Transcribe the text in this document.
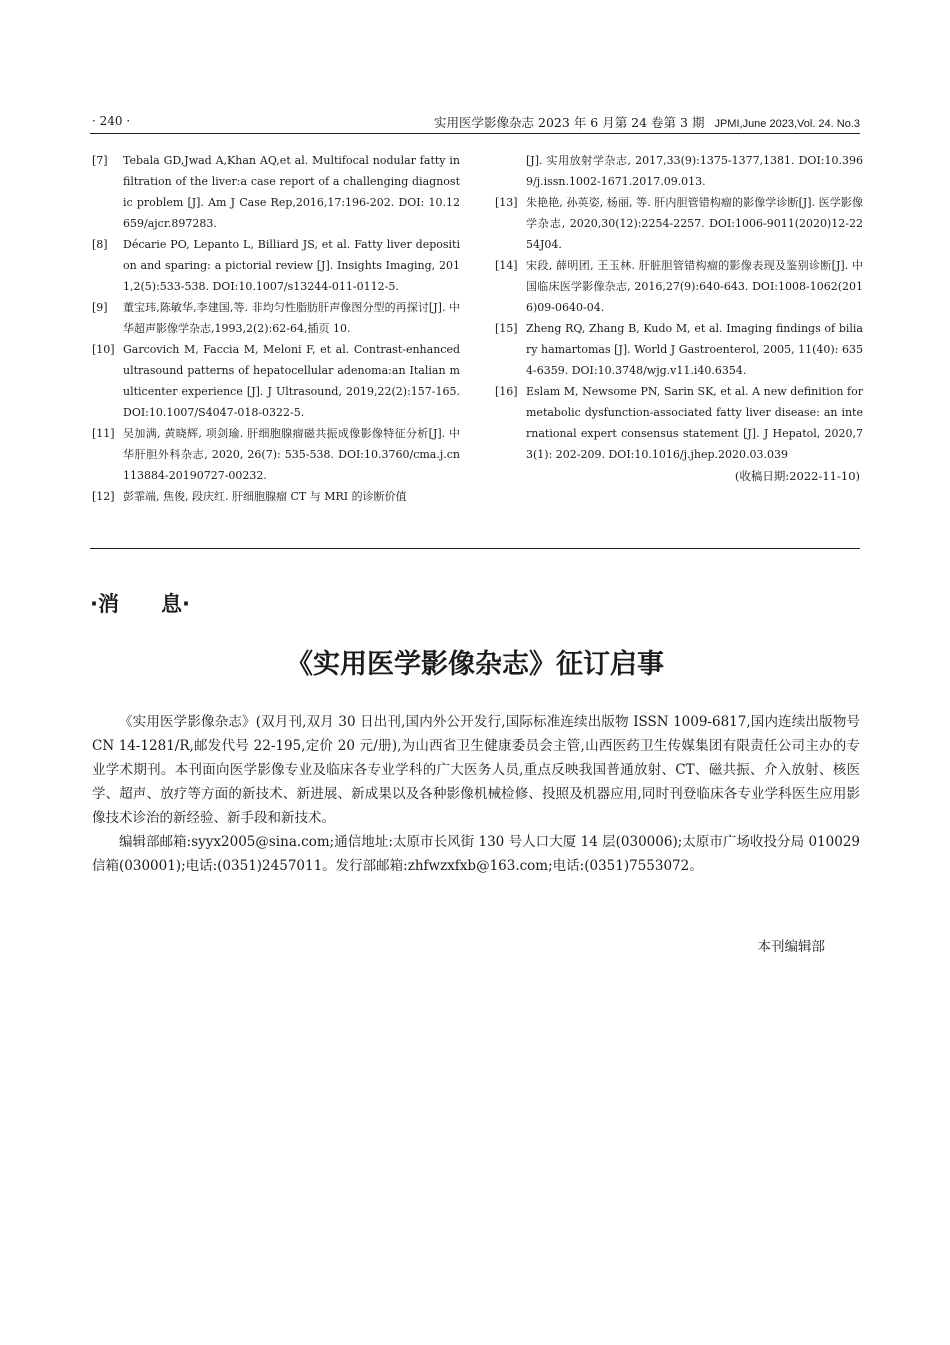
· 240 ·	实用医学影像杂志 2023 年 6 月第 24 卷第 3 期 JPMI,June 2023,Vol. 24. No.3
[7]	Tebala GD,Jwad A,Khan AQ,et al. Multifocal nodular fatty infiltration of the liver:a case report of a challenging diagnostic problem [J]. Am J Case Rep,2016,17:196-202. DOI: 10.12659/ajcr.897283.
[8]	Décarie PO, Lepanto L, Billiard JS, et al. Fatty liver deposition and sparing: a pictorial review [J]. Insights Imaging, 2011,2(5):533-538. DOI:10.1007/s13244-011-0112-5.
[9]	董宝玮,陈敏华,李建国,等. 非均匀性脂肪肝声像图分型的再探讨[J]. 中华超声影像学杂志,1993,2(2):62-64,插页 10.
[10] Garcovich M, Faccia M, Meloni F, et al. Contrast-enhanced ultrasound patterns of hepatocellular adenoma:an Italian multicenter experience [J]. J Ultrasound, 2019,22(2):157-165. DOI:10.1007/S4047-018-0322-5.
[11] 吴加满, 黄晓辉, 项剑瑜. 肝细胞腺瘤磁共振成像影像特征分析[J]. 中华肝胆外科杂志, 2020, 26(7): 535-538. DOI:10.3760/cma.j.cn113884-20190727-00232.
[12] 彭霏端, 焦俊, 段庆红. 肝细胞腺瘤 CT 与 MRI 的诊断价值
[J]. 实用放射学杂志, 2017,33(9):1375-1377,1381. DOI:10.3969/j.issn.1002-1671.2017.09.013.
[13] 朱艳艳, 孙英姿, 杨丽, 等. 肝内胆管错构瘤的影像学诊断[J]. 医学影像学杂志, 2020,30(12):2254-2257. DOI:1006-9011(2020)12-2254J04.
[14] 宋段, 薛明团, 王玉林. 肝脏胆管错构瘤的影像表现及鉴别诊断[J]. 中国临床医学影像杂志, 2016,27(9):640-643. DOI:1008-1062(2016)09-0640-04.
[15] Zheng RQ, Zhang B, Kudo M, et al. Imaging findings of biliary hamartomas [J]. World J Gastroenterol, 2005, 11(40): 6354-6359. DOI:10.3748/wjg.v11.i40.6354.
[16] Eslam M, Newsome PN, Sarin SK, et al. A new definition for metabolic dysfunction-associated fatty liver disease: an international expert consensus statement [J]. J Hepatol, 2020,73(1): 202-209. DOI:10.1016/j.jhep.2020.03.039
(收稿日期:2022-11-10)
·消　　息·
《实用医学影像杂志》征订启事

《实用医学影像杂志》(双月刊,双月 30 日出刊,国内外公开发行,国际标准连续出版物 ISSN 1009-6817,国内连续出版物号 CN 14-1281/R,邮发代号 22-195,定价 20 元/册),为山西省卫生健康委员会主管,山西医药卫生传媒集团有限责任公司主办的专业学术期刊。本刊面向医学影像专业及临床各专业学科的广大医务人员,重点反映我国普通放射、CT、磁共振、介入放射、核医学、超声、放疗等方面的新技术、新进展、新成果以及各种影像机械检修、投照及机器应用,同时刊登临床各专业学科医生应用影像技术诊治的新经验、新手段和新技术。

编辑部邮箱:syyx2005@sina.com;通信地址:太原市长风街 130 号人口大厦 14 层(030006);太原市广场收投分局 010029 信箱(030001);电话:(0351)2457011。发行部邮箱:zhfwzxfxb@163.com;电话:(0351)7553072。

本刊编辑部
